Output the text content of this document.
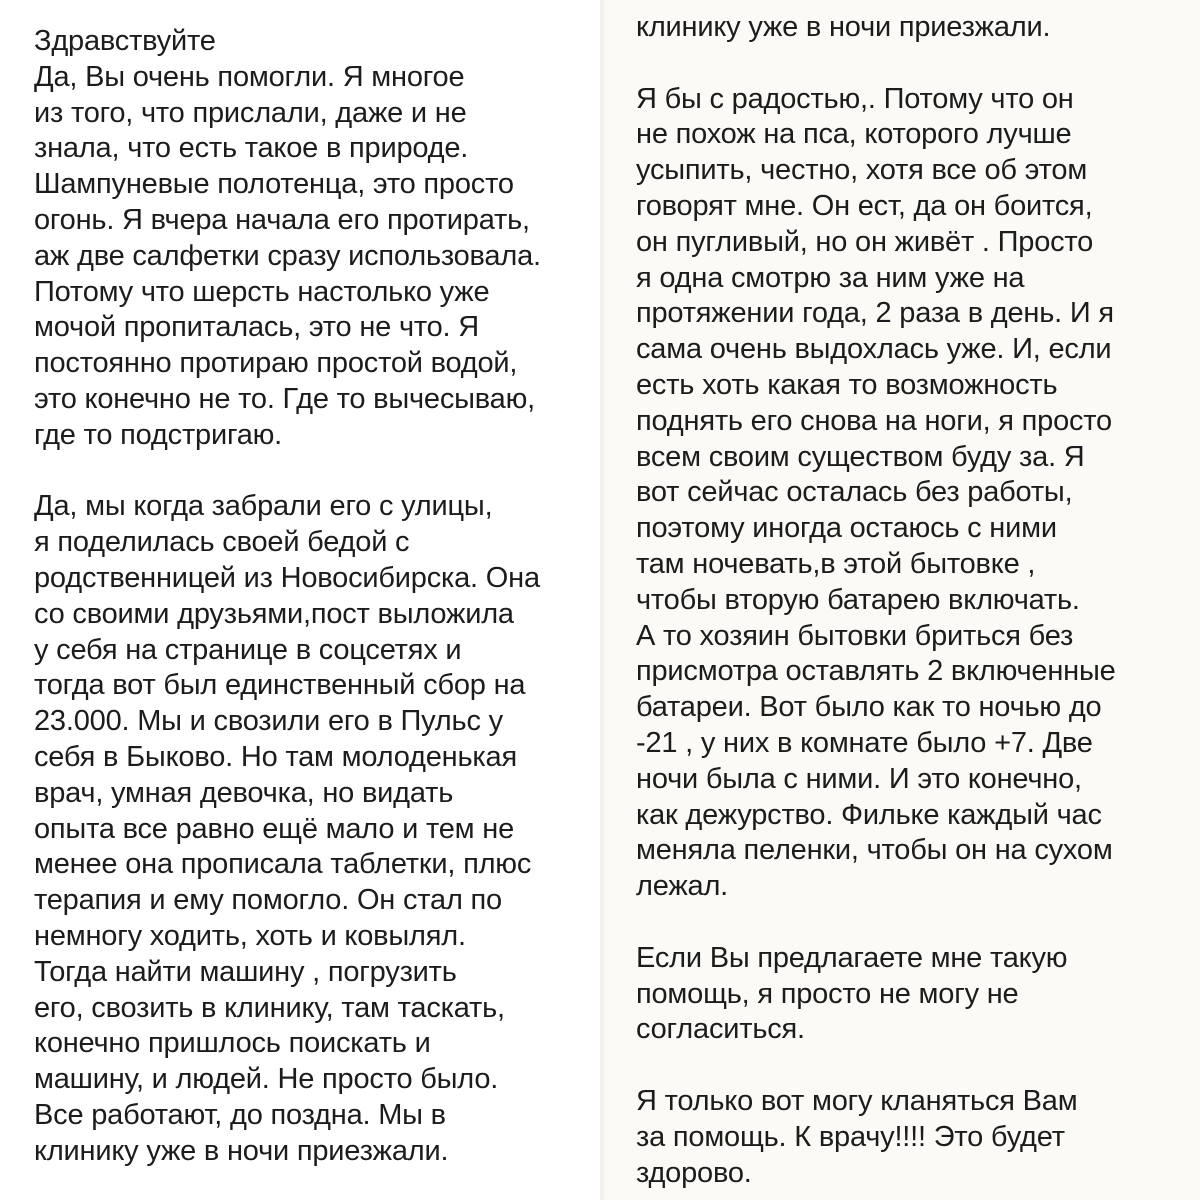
Здравствуйте
Да, Вы очень помогли. Я многое
из того, что прислали, даже и не
знала, что есть такое в природе.
Шампуневые полотенца, это просто
огонь. Я вчера начала его протирать,
аж две салфетки сразу использовала.
Потому что шерсть настолько уже
мочой пропиталась, это не что. Я
постоянно протираю простой водой,
это конечно не то. Где то вычесываю,
где то подстригаю.
Да, мы когда забрали его с улицы,
я поделилась своей бедой с
родственницей из Новосибирска. Она
со своими друзьями,пост выложила
у себя на странице в соцсетях и
тогда вот был единственный сбор на
23.000. Мы и свозили его в Пульс у
себя в Быково. Но там молоденькая
врач, умная девочка, но видать
опыта все равно ещё мало и тем не
менее она прописала таблетки, плюс
терапия и ему помогло. Он стал по
немногу ходить, хоть и ковылял.
Тогда найти машину , погрузить
его, свозить в клинику, там таскать,
конечно пришлось поискать и
машину, и людей. Не просто было.
Все работают, до поздна. Мы в
клинику уже в ночи приезжали.
клинику уже в ночи приезжали.
Я бы с радостью,. Потому что он
не похож на пса, которого лучше
усыпить, честно, хотя все об этом
говорят мне. Он ест, да он боится,
он пугливый, но он живёт . Просто
я одна смотрю за ним уже на
протяжении года, 2 раза в день. И я
сама очень выдохлась уже. И, если
есть хоть какая то возможность
поднять его снова на ноги, я просто
всем своим существом буду за. Я
вот сейчас осталась без работы,
поэтому иногда остаюсь с ними
там ночевать,в этой бытовке ,
чтобы вторую батарею включать.
А то хозяин бытовки бриться без
присмотра оставлять 2 включенные
батареи. Вот было как то ночью до
-21 , у них в комнате было +7. Две
ночи была с ними. И это конечно,
как дежурство. Фильке каждый час
меняла пеленки, чтобы он на сухом
лежал.
Если Вы предлагаете мне такую
помощь, я просто не могу не
согласиться.
Я только вот могу кланяться Вам
за помощь. К врачу!!!! Это будет
здорово.
